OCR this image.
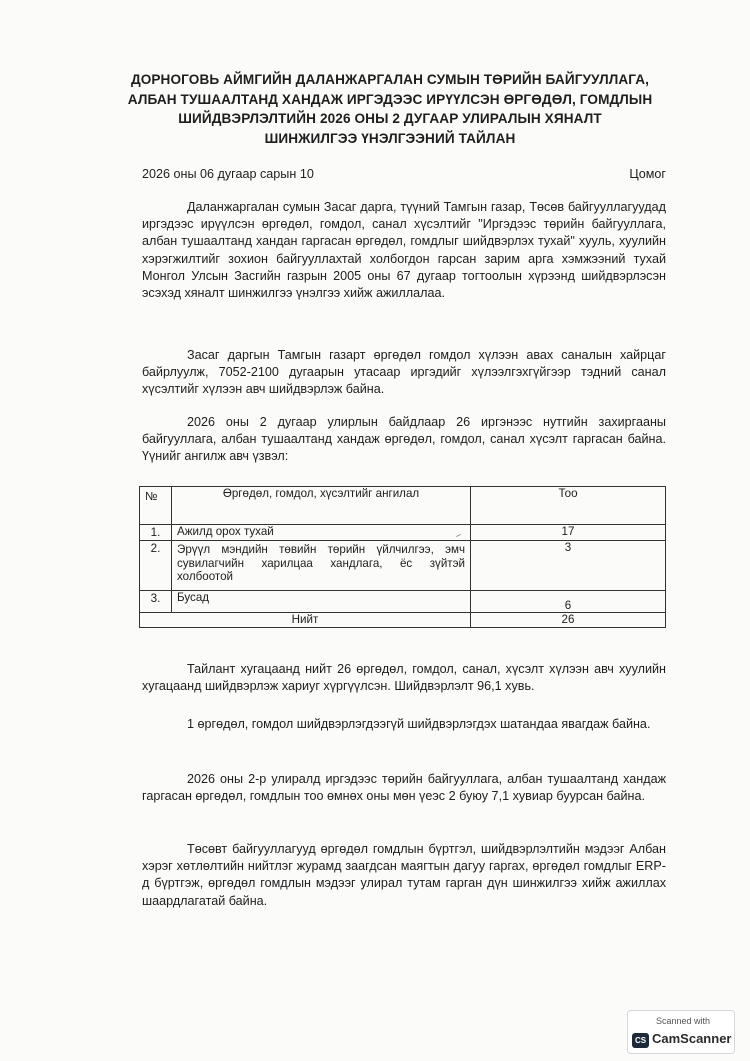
ДОРНОГОВЬ АЙМГИЙН ДАЛАНЖАРГАЛАН СУМЫН ТӨРИЙН БАЙГУУЛЛАГА,
АЛБАН ТУШААЛТАНД ХАНДАЖ ИРГЭДЭЭС ИРҮҮЛСЭН ӨРГӨДӨЛ, ГОМДЛЫН
ШИЙДВЭРЛЭЛТИЙН 2026 ОНЫ 2 ДУГААР УЛИРАЛЫН ХЯНАЛТ
ШИНЖИЛГЭЭ ҮНЭЛГЭЭНИЙ ТАЙЛАН
2026 оны 06 дугаар сарын 10	Цомог

Даланжаргалан сумын Засаг дарга, түүний Тамгын газар, Төсөв байгууллагуудад иргэдээс ирүүлсэн өргөдөл, гомдол, санал хүсэлтийг "Иргэдээс төрийн байгууллага, албан тушаалтанд хандан гаргасан өргөдөл, гомдлыг шийдвэрлэх тухай" хууль, хуулийн хэрэгжилтийг зохион байгууллахтай холбогдон гарсан зарим арга хэмжээний тухай Монгол Улсын Засгийн газрын 2005 оны 67 дугаар тогтоолын хүрээнд шийдвэрлэсэн эсэхэд хяналт шинжилгээ үнэлгээ хийж ажиллалаа.

Засаг даргын Тамгын газарт өргөдөл гомдол хүлээн авах саналын хайрцаг байрлуулж, 7052-2100 дугаарын утасаар иргэдийг хүлээлгэхгүйгээр тэдний санал хүсэлтийг хүлээн авч шийдвэрлэж байна.

2026 оны 2 дугаар улирлын байдлаар 26 иргэнээс нутгийн захиргааны байгууллага, албан тушаалтанд хандаж өргөдөл, гомдол, санал хүсэлт гаргасан байна. Үүнийг ангилж авч үзвэл:

№	Өргөдөл, гомдол, хүсэлтийг ангилал	Тоо
1.	Ажилд орох тухай	17
2.	Эрүүл мэндийн төвийн төрийн үйлчилгээ, эмч сувилагчийн харилцаа хандлага, ёс зүйтэй холбоотой	3
3.	Бусад	6
Нийт		26

Тайлант хугацаанд нийт 26 өргөдөл, гомдол, санал, хүсэлт хүлээн авч хуулийн хугацаанд шийдвэрлэж хариуг хүргүүлсэн. Шийдвэрлэлт 96,1 хувь.

1 өргөдөл, гомдол шийдвэрлэгдээгүй шийдвэрлэгдэх шатандаа явагдаж байна.

2026 оны 2-р улиралд иргэдээс төрийн байгууллага, албан тушаалтанд хандаж гаргасан өргөдөл, гомдлын тоо өмнөх оны мөн үеэс 2 буюу 7,1 хувиар буурсан байна.

Төсөвт байгууллагууд өргөдөл гомдлын бүртгэл, шийдвэрлэлтийн мэдээг Албан хэрэг хөтлөлтийн нийтлэг журамд заагдсан маягтын дагуу гаргах, өргөдөл гомдлыг ERP-д бүртгэж, өргөдөл гомдлын мэдээг улирал тутам гарган дүн шинжилгээ хийж ажиллах шаардлагатай байна.

Scanned with
CS CamScanner
